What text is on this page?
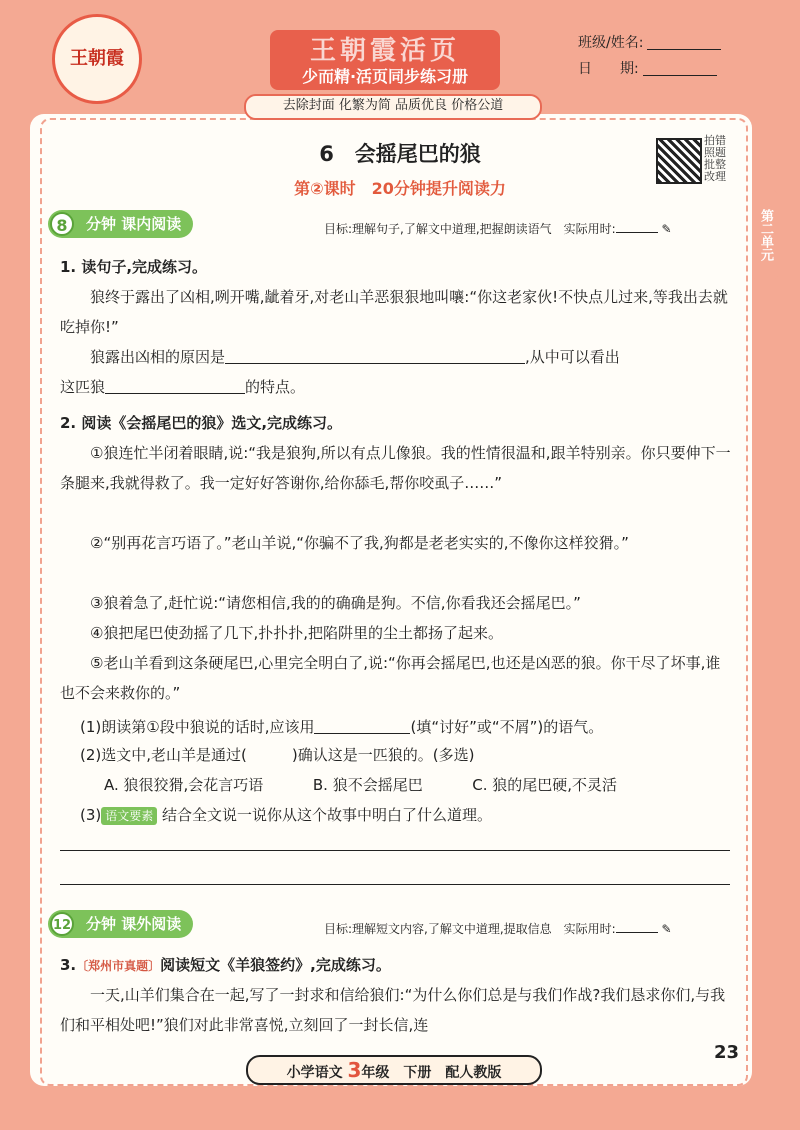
王朝霞	王朝霞活页
少而精·活页同步练习册
班级/姓名:
日　　期:
去除封面 化繁为简 品质优良 价格公道
6　会摇尾巴的狼
第②课时　20分钟提升阅读力
拍错照题批整改理
第二单元
8	分钟 课内阅读	目标:理解句子,了解文中道理,把握朗读语气　实际用时:	✎
1. 读句子,完成练习。
狼终于露出了凶相,咧开嘴,龇着牙,对老山羊恶狠狠地叫嚷:“你这老家伙!不快点儿过来,等我出去就吃掉你!”
狼露出凶相的原因是	,从中可以看出
这匹狼	的特点。
2. 阅读《会摇尾巴的狼》选文,完成练习。
①狼连忙半闭着眼睛,说:“我是狼狗,所以有点儿像狼。我的性情很温和,跟羊特别亲。你只要伸下一条腿来,我就得救了。我一定好好答谢你,给你舔毛,帮你咬虱子……”
②“别再花言巧语了。”老山羊说,“你骗不了我,狗都是老老实实的,不像你这样狡猾。”
③狼着急了,赶忙说:“请您相信,我的的确确是狗。不信,你看我还会摇尾巴。”
④狼把尾巴使劲摇了几下,扑扑扑,把陷阱里的尘土都扬了起来。
⑤老山羊看到这条硬尾巴,心里完全明白了,说:“你再会摇尾巴,也还是凶恶的狼。你干尽了坏事,谁也不会来救你的。”
(1)朗读第①段中狼说的话时,应该用	(填“讨好”或“不屑”)的语气。
(2)选文中,老山羊是通过(　　　)确认这是一匹狼的。(多选)
A. 狼很狡猾,会花言巧语	B. 狼不会摇尾巴	C. 狼的尾巴硬,不灵活
(3) 语文要素 结合全文说一说你从这个故事中明白了什么道理。
12 分钟 课外阅读	目标:理解短文内容,了解文中道理,提取信息　实际用时:	✎
3.〔郑州市真题〕阅读短文《羊狼签约》,完成练习。
一天,山羊们集合在一起,写了一封求和信给狼们:“为什么你们总是与我们作战?我们恳求你们,与我们和平相处吧!”狼们对此非常喜悦,立刻回了一封长信,连
23
小学语文 3年级　下册　配人教版
